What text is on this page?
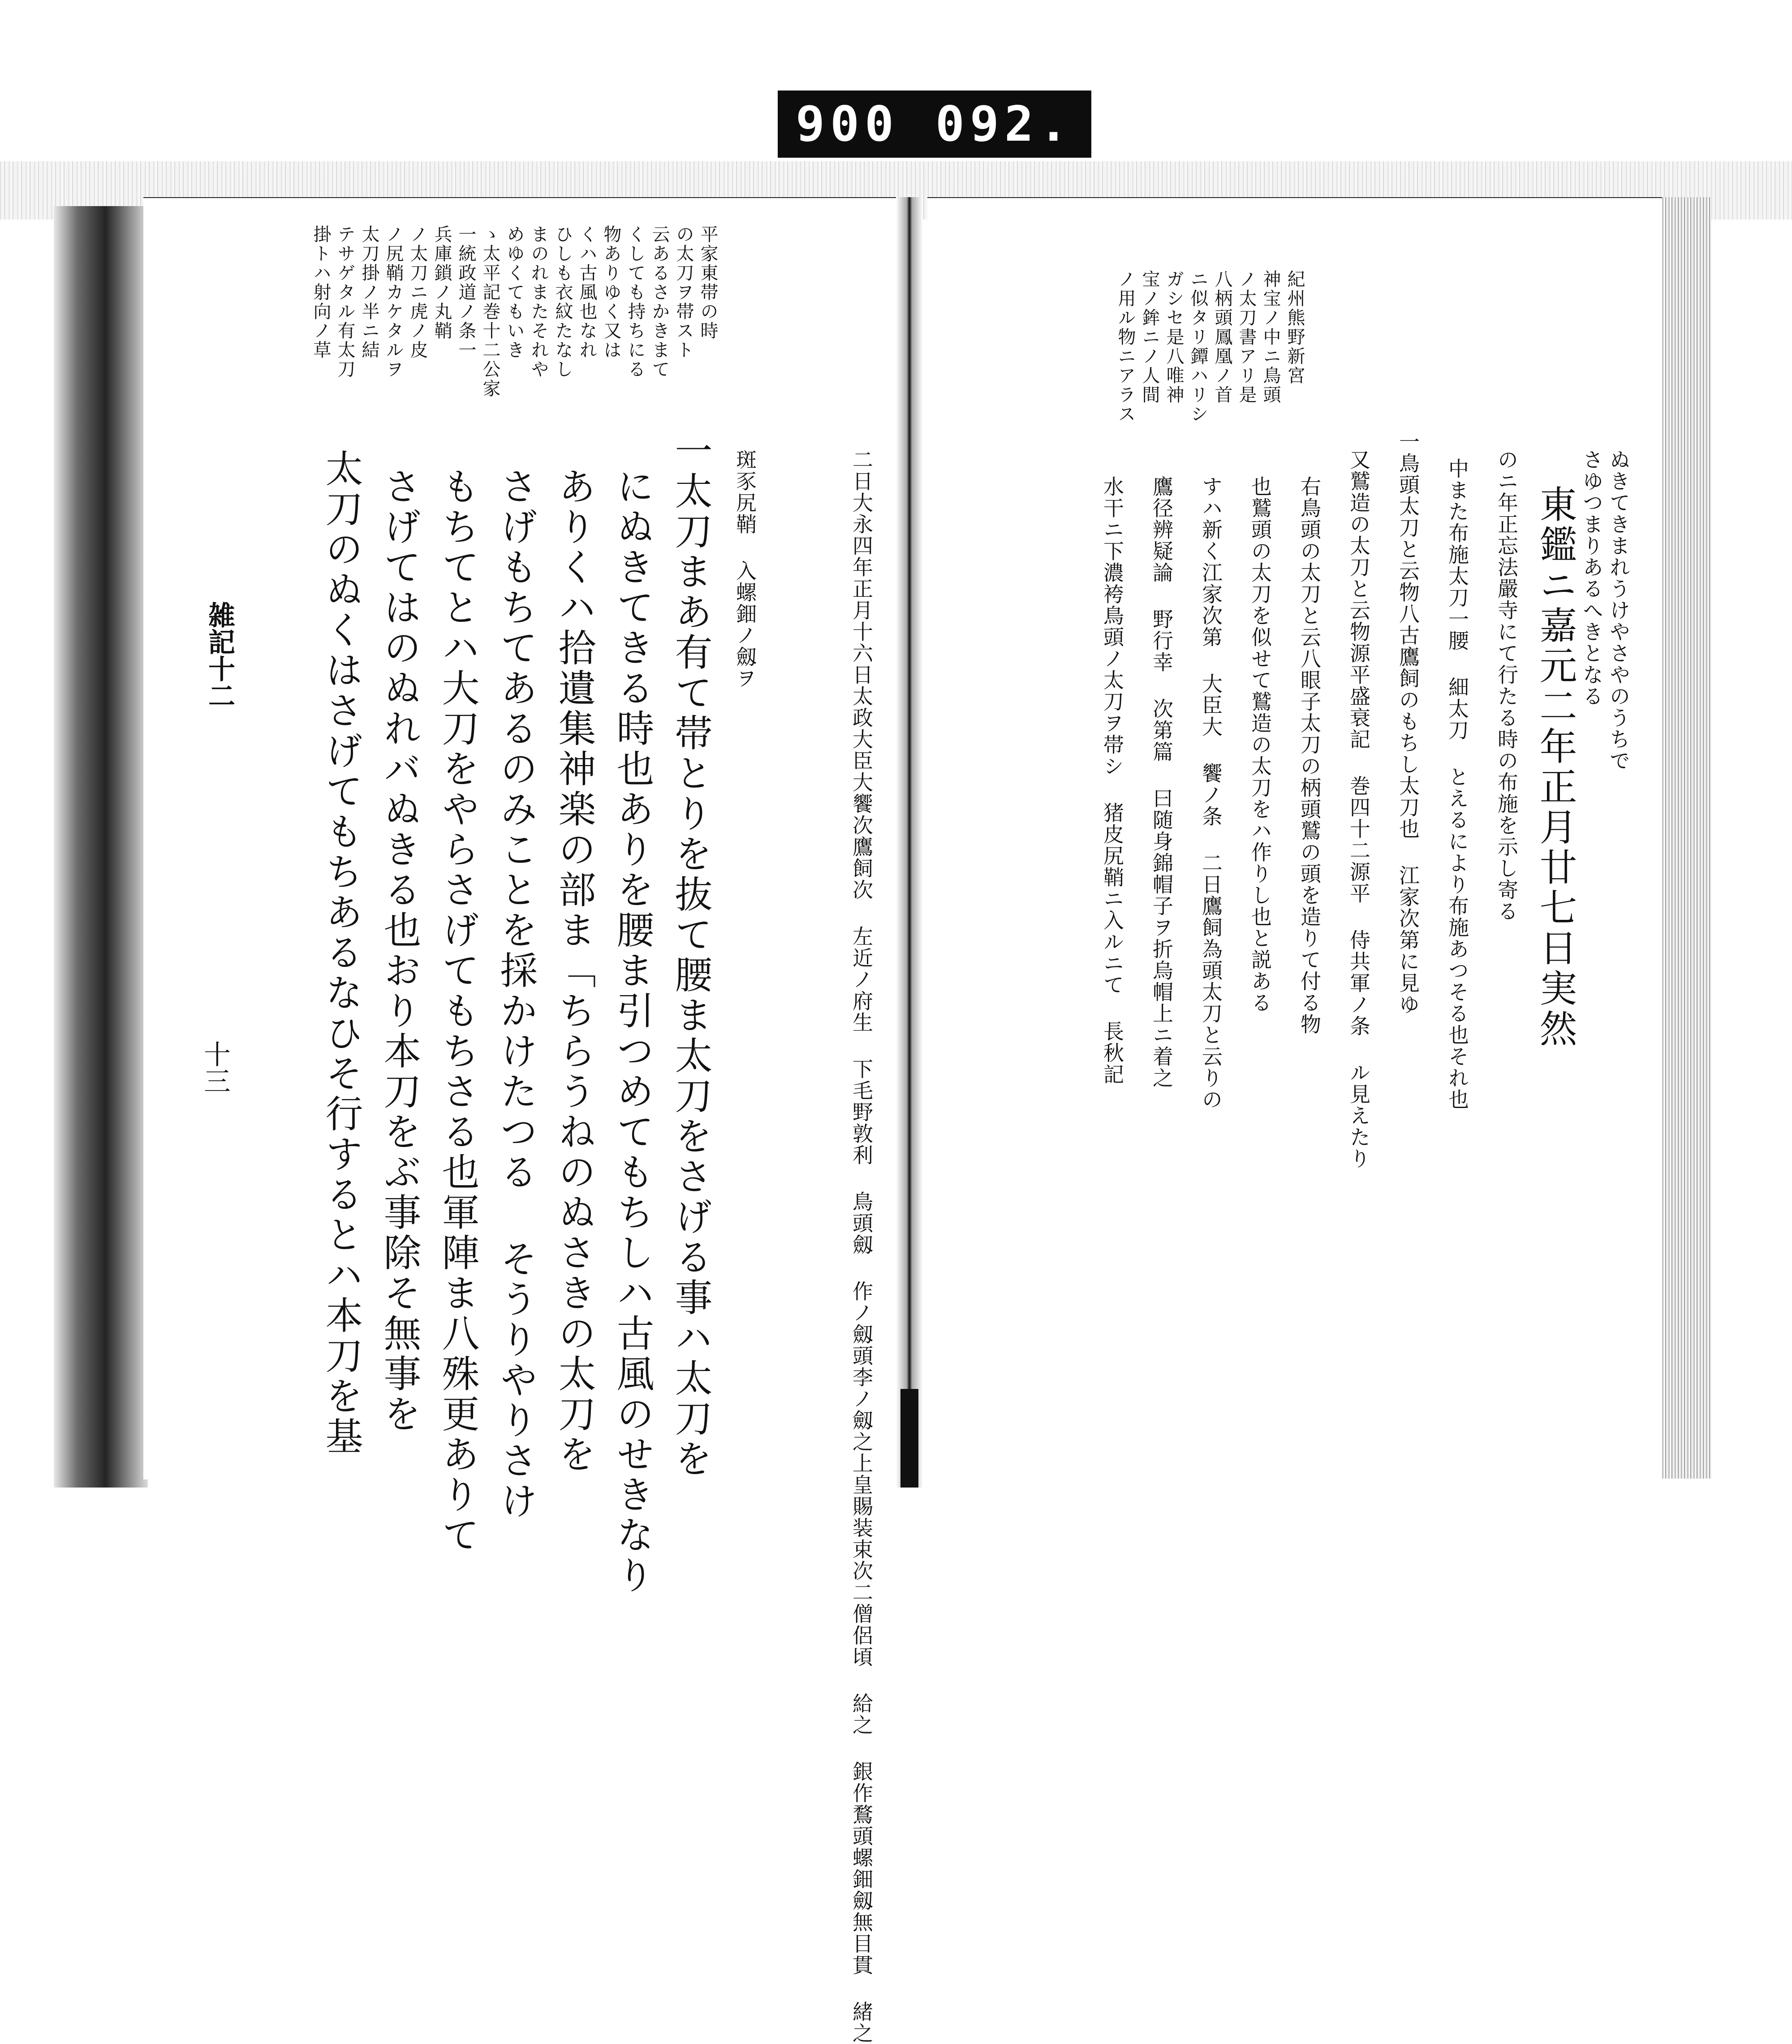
900 092.
平家東帯の時
の太刀ヲ帯スト
云あるさかきまて
くしても持ちにる
物ありゆく又は
くハ古風也なれ
ひしも衣紋たなし
まのれまたそれや
めゆくてもいき
ゝ太平記巻十二公家
一統政道ノ条一
兵庫鎖ノ丸鞘
ノ太刀ニ虎ノ皮
ノ尻鞘カケタルヲ
太刀掛ノ半ニ結
テサゲタル有太刀
掛トハ射向ノ草
二日大永四年正月十六日太政大臣大饗次鷹飼次 左近ノ府生 下毛野敦利 鳥頭劔 作ノ劔頭李ノ劔之上皇賜装束次二僧侶頃 給之 銀作鶩頭螺鈿劔無目貫 緒之
斑豕尻鞘 入螺鈿ノ劔ヲ
一太刀まあ有て帯とりを抜て腰ま太刀をさげる事ハ太刀を
にぬきてきる時也ありを腰ま引つめてもちしハ古風のせきなり
ありくハ拾遺集神楽の部ま「ちらうねのぬさきの太刀を
さげもちてあるのみことを採かけたつる そうりやりさけ
もちてとハ大刀をやらさげてもちさる也軍陣ま八殊更ありて
さげてはのぬれバぬきる也おり本刀をぶ事除そ無事を
太刀のぬくはさげてもちあるなひそ行するとハ本刀を基
雑記十二
十三
紀州熊野新宮
神宝ノ中ニ鳥頭
ノ太刀書アリ是
八柄頭鳳凰ノ首
ニ似タリ鐔ハリシ
ガシセ是八唯神
宝ノ鉾ニノ人間
ノ用ル物ニアラス
ぬきてきまれうけやさやのうちで
さゆつまりあるへきとなる
東鑑ニ嘉元二年正月廿七日実然
のニ年正忘法嚴寺にて行たる時の布施を示し寄る
中また布施太刀一腰 細太刀 とえるにより布施あつそる也それ也
一鳥頭太刀と云物八古鷹飼のもちし太刀也 江家次第に見ゆ
又鷲造の太刀と云物源平盛衰記 巻四十二源平 侍共軍ノ条 ル見えたり
右鳥頭の太刀と云八眼子太刀の柄頭鷲の頭を造りて付る物
也鷲頭の太刀を似せて鷲造の太刀をハ作りし也と説ある
すハ新く江家次第 大臣大 饗ノ条 二日鷹飼為頭太刀と云りの
鷹径辨疑論 野行幸 次第篇 曰随身錦帽子ヲ折烏帽上ニ着之
水干ニ下濃袴鳥頭ノ太刀ヲ帯シ 猪皮尻鞘ニ入ルニて 長秋記
